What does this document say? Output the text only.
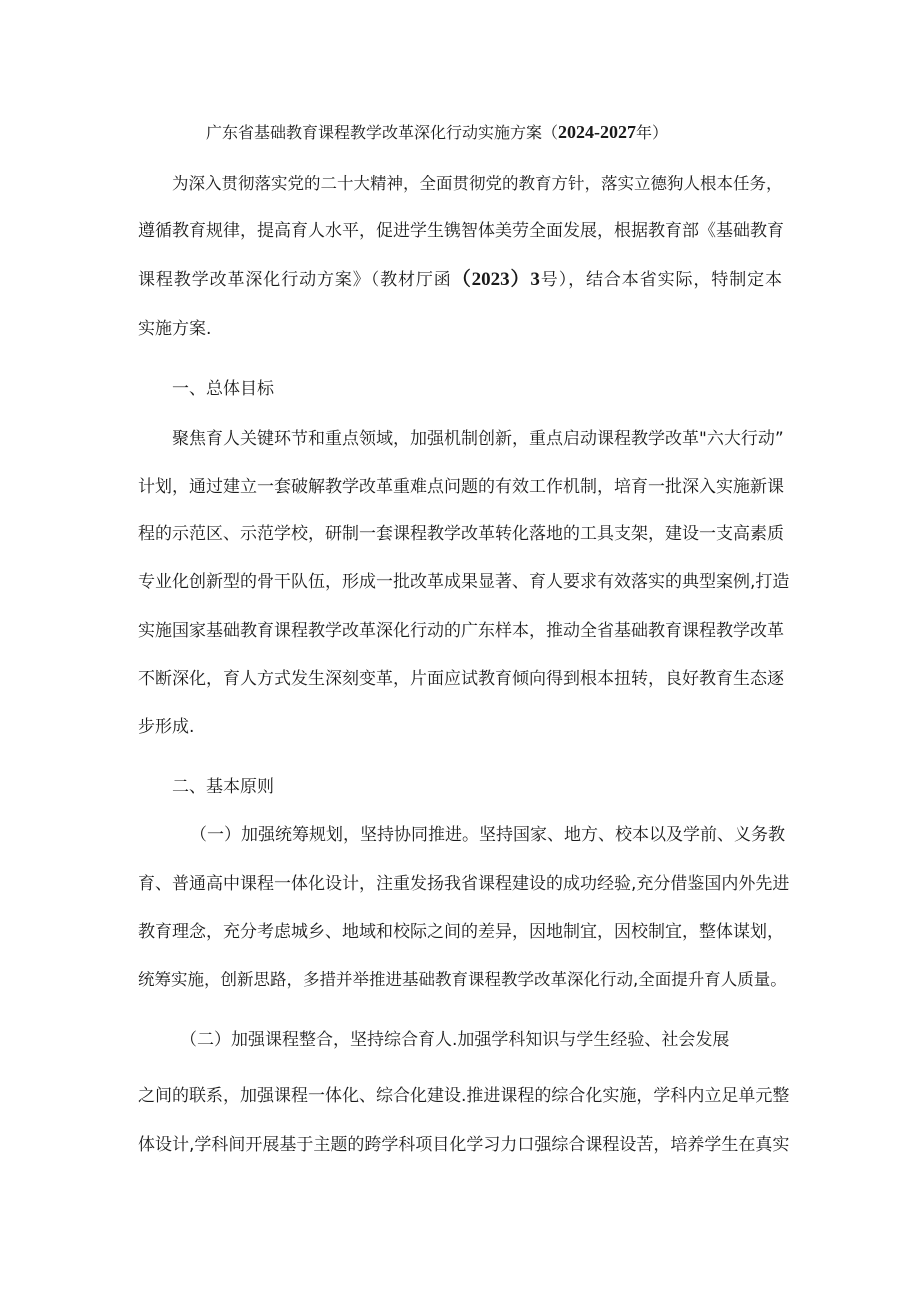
广东省基础教育课程教学改革深化行动实施方案（2024-2027年）
为深入贯彻落实党的二十大精神，全面贯彻党的教育方针，落实立德狗人根本任务，
遵循教育规律，提高育人水平，促进学生镌智体美劳全面发展，根据教育部《基础教育
课程教学改革深化行动方案》（教材厅函（2023）3号），结合本省实际，特制定本
实施方案.
一、总体目标
聚焦育人关键环节和重点领域，加强机制创新，重点启动课程教学改革"六大行动”
计划，通过建立一套破解教学改革重难点问题的有效工作机制，培育一批深入实施新课
程的示范区、示范学校，研制一套课程教学改革转化落地的工具支架，建设一支高素质
专业化创新型的骨干队伍，形成一批改革成果显著、育人要求有效落实的典型案例,打造
实施国家基础教育课程教学改革深化行动的广东样本，推动全省基础教育课程教学改革
不断深化，育人方式发生深刻变革，片面应试教育倾向得到根本扭转，良好教育生态逐
步形成.
二、基本原则
（一）加强统筹规划，坚持协同推进。坚持国家、地方、校本以及学前、义务教
育、普通高中课程一体化设计，注重发扬我省课程建设的成功经验,充分借鉴国内外先进
教育理念，充分考虑城乡、地域和校际之间的差异，因地制宜，因校制宜，整体谋划，
统筹实施，创新思路，多措并举推进基础教育课程教学改革深化行动,全面提升育人质量。
（二）加强课程整合，坚持综合育人.加强学科知识与学生经验、社会发展
之间的联系，加强课程一体化、综合化建设.推进课程的综合化实施，学科内立足单元整
体设计,学科间开展基于主题的跨学科项目化学习力口强综合课程设苦，培养学生在真实
